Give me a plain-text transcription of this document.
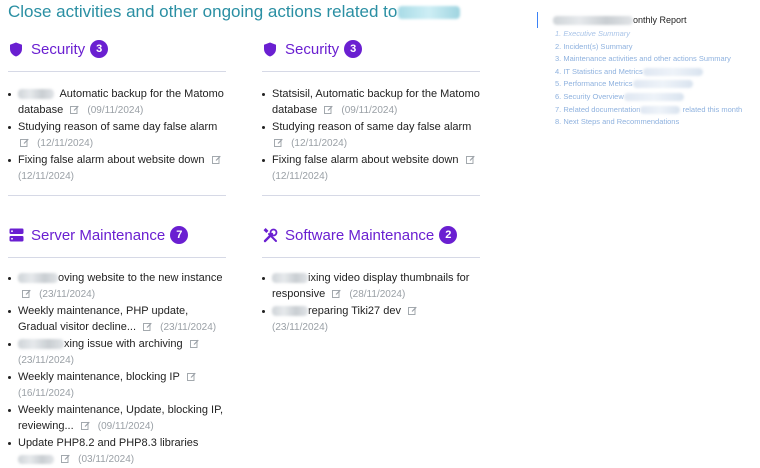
Close activities and other ongoing actions related to
Security 3
Automatic backup for the Matomo database (09/11/2024)
Studying reason of same day false alarm

(12/11/2024)
Fixing false alarm about website down

(12/11/2024)
Security 3
Statsisil, Automatic backup for the Matomo database (09/11/2024)
Studying reason of same day false alarm

(12/11/2024)
Fixing false alarm about website down

(12/11/2024)
Server Maintenance 7
oving website to the new instance
(23/11/2024)
Weekly maintenance, PHP update, Gradual visitor decline... (23/11/2024)
xing issue with archiving

(23/11/2024)
Weekly maintenance, blocking IP

(16/11/2024)
Weekly maintenance, Update, blocking IP, reviewing... (09/11/2024)
Update PHP8.2 and PHP8.3 libraries

(03/11/2024)
Software Maintenance 2
ixing video display thumbnails for responsive (28/11/2024)
reparing Tiki27 dev

(23/11/2024)
onthly Report
1. Executive Summary
2. Incident(s) Summary
3. Maintenance activities and other actions Summary
4. IT Statistics and Metrics
5. Performance Metrics
6. Security Overview
7. Related documentation	related this month
8. Next Steps and Recommendations
